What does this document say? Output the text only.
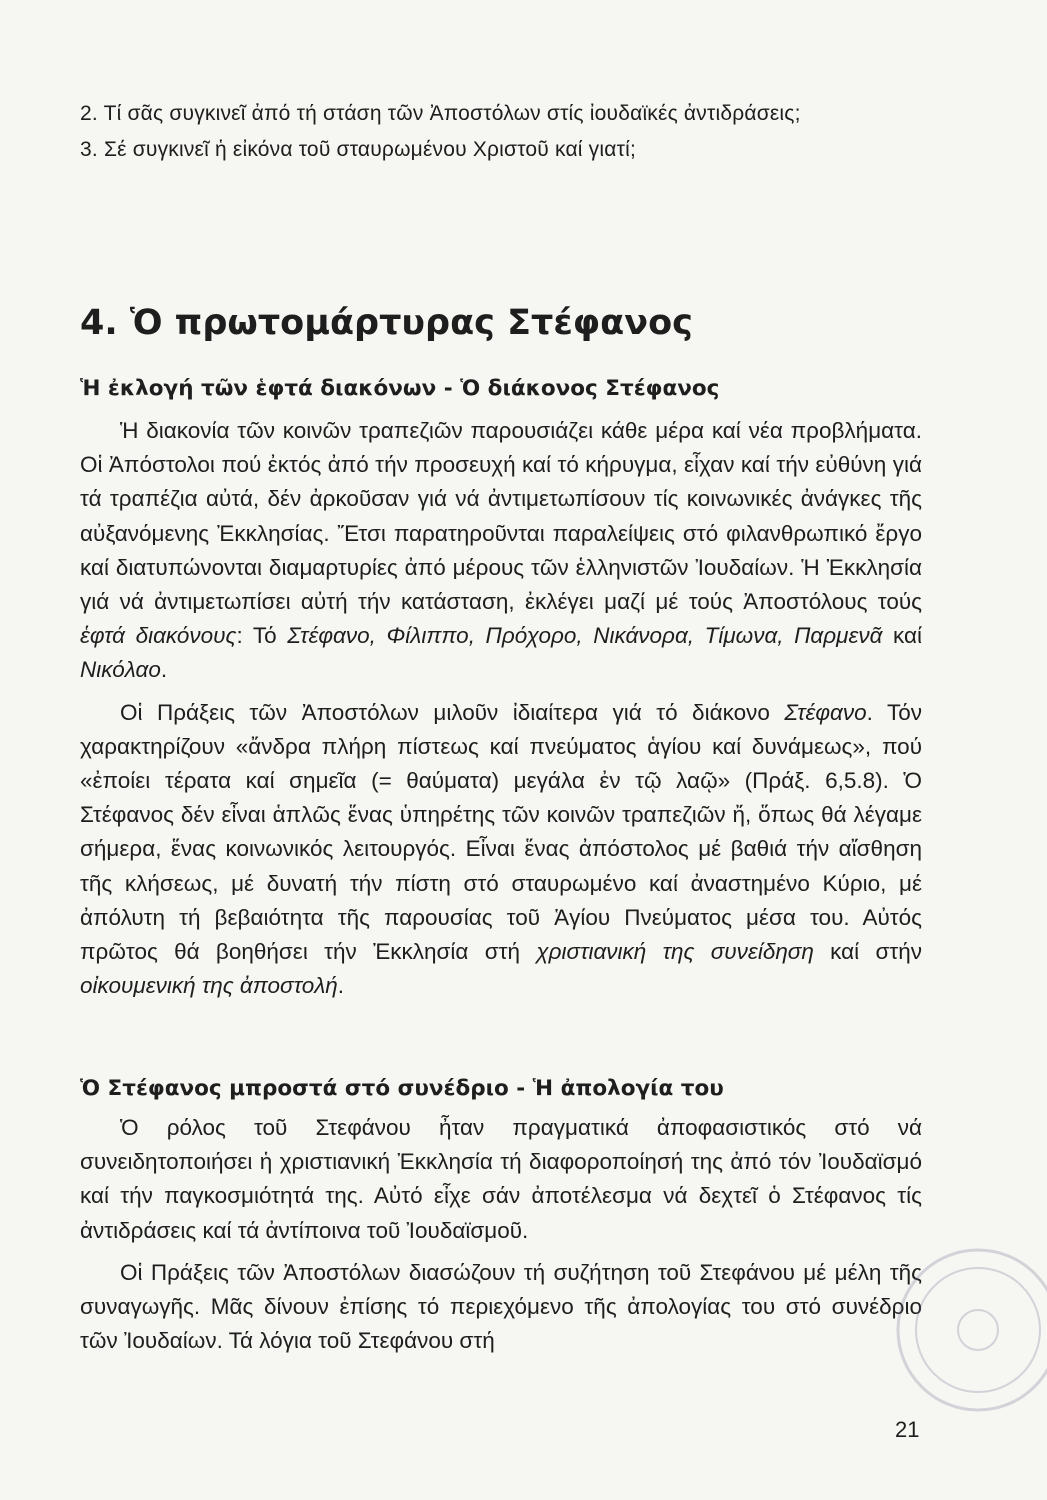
2. Τί σᾶς συγκινεῖ ἀπό τή στάση τῶν Ἀποστόλων στίς ἰουδαϊκές ἀντιδράσεις;

3. Σέ συγκινεῖ ἡ εἰκόνα τοῦ σταυρωμένου Χριστοῦ καί γιατί;

4. Ὁ πρωτομάρτυρας Στέφανος
Ἡ ἐκλογή τῶν ἑφτά διακόνων - Ὁ διάκονος Στέφανος

Ἡ διακονία τῶν κοινῶν τραπεζιῶν παρουσιάζει κάθε μέρα καί νέα προβλήματα. Οἱ Ἀπόστολοι πού ἐκτός ἀπό τήν προσευχή καί τό κήρυγμα, εἶχαν καί τήν εὐθύνη γιά τά τραπέζια αὐτά, δέν ἀρκοῦσαν γιά νά ἀντιμετωπίσουν τίς κοινωνικές ἀνάγκες τῆς αὐξανόμενης Ἐκκλησίας. Ἔτσι παρατηροῦνται παραλείψεις στό φιλανθρωπικό ἔργο καί διατυπώνονται διαμαρτυρίες ἀπό μέρους τῶν ἑλληνιστῶν Ἰουδαίων. Ἡ Ἐκκλησία γιά νά ἀντιμετωπίσει αὐτή τήν κατάσταση, ἐκλέγει μαζί μέ τούς Ἀποστόλους τούς ἑφτά διακόνους: Τό Στέφανο, Φίλιππο, Πρόχορο, Νικάνορα, Τίμωνα, Παρμενᾶ καί Νικόλαο.

Οἱ Πράξεις τῶν Ἀποστόλων μιλοῦν ἰδιαίτερα γιά τό διάκονο Στέφανο. Τόν χαρακτηρίζουν «ἄνδρα πλήρη πίστεως καί πνεύματος ἁγίου καί δυνάμεως», πού «ἐποίει τέρατα καί σημεῖα (= θαύματα) μεγάλα ἐν τῷ λαῷ» (Πράξ. 6,5.8). Ὁ Στέφανος δέν εἶναι ἁπλῶς ἕνας ὑπηρέτης τῶν κοινῶν τραπεζιῶν ἤ, ὅπως θά λέγαμε σήμερα, ἕνας κοινωνικός λειτουργός. Εἶναι ἕνας ἀπόστολος μέ βαθιά τήν αἴσθηση τῆς κλήσεως, μέ δυνατή τήν πίστη στό σταυρωμένο καί ἀναστημένο Κύριο, μέ ἀπόλυτη τή βεβαιότητα τῆς παρουσίας τοῦ Ἁγίου Πνεύματος μέσα του. Αὐτός πρῶτος θά βοηθήσει τήν Ἐκκλησία στή χριστιανική της συνείδηση καί στήν οἰκουμενική της ἀποστολή.

Ὁ Στέφανος μπροστά στό συνέδριο - Ἡ ἀπολογία του

Ὁ ρόλος τοῦ Στεφάνου ἦταν πραγματικά ἀποφασιστικός στό νά συνειδητοποιήσει ἡ χριστιανική Ἐκκλησία τή διαφοροποίησή της ἀπό τόν Ἰουδαϊσμό καί τήν παγκοσμιότητά της. Αὐτό εἶχε σάν ἀποτέλεσμα νά δεχτεῖ ὁ Στέφανος τίς ἀντιδράσεις καί τά ἀντίποινα τοῦ Ἰουδαϊσμοῦ.

Οἱ Πράξεις τῶν Ἀποστόλων διασώζουν τή συζήτηση τοῦ Στεφάνου μέ μέλη τῆς συναγωγῆς. Μᾶς δίνουν ἐπίσης τό περιεχόμενο τῆς ἀπολογίας του στό συνέδριο τῶν Ἰουδαίων. Τά λόγια τοῦ Στεφάνου στή

21
